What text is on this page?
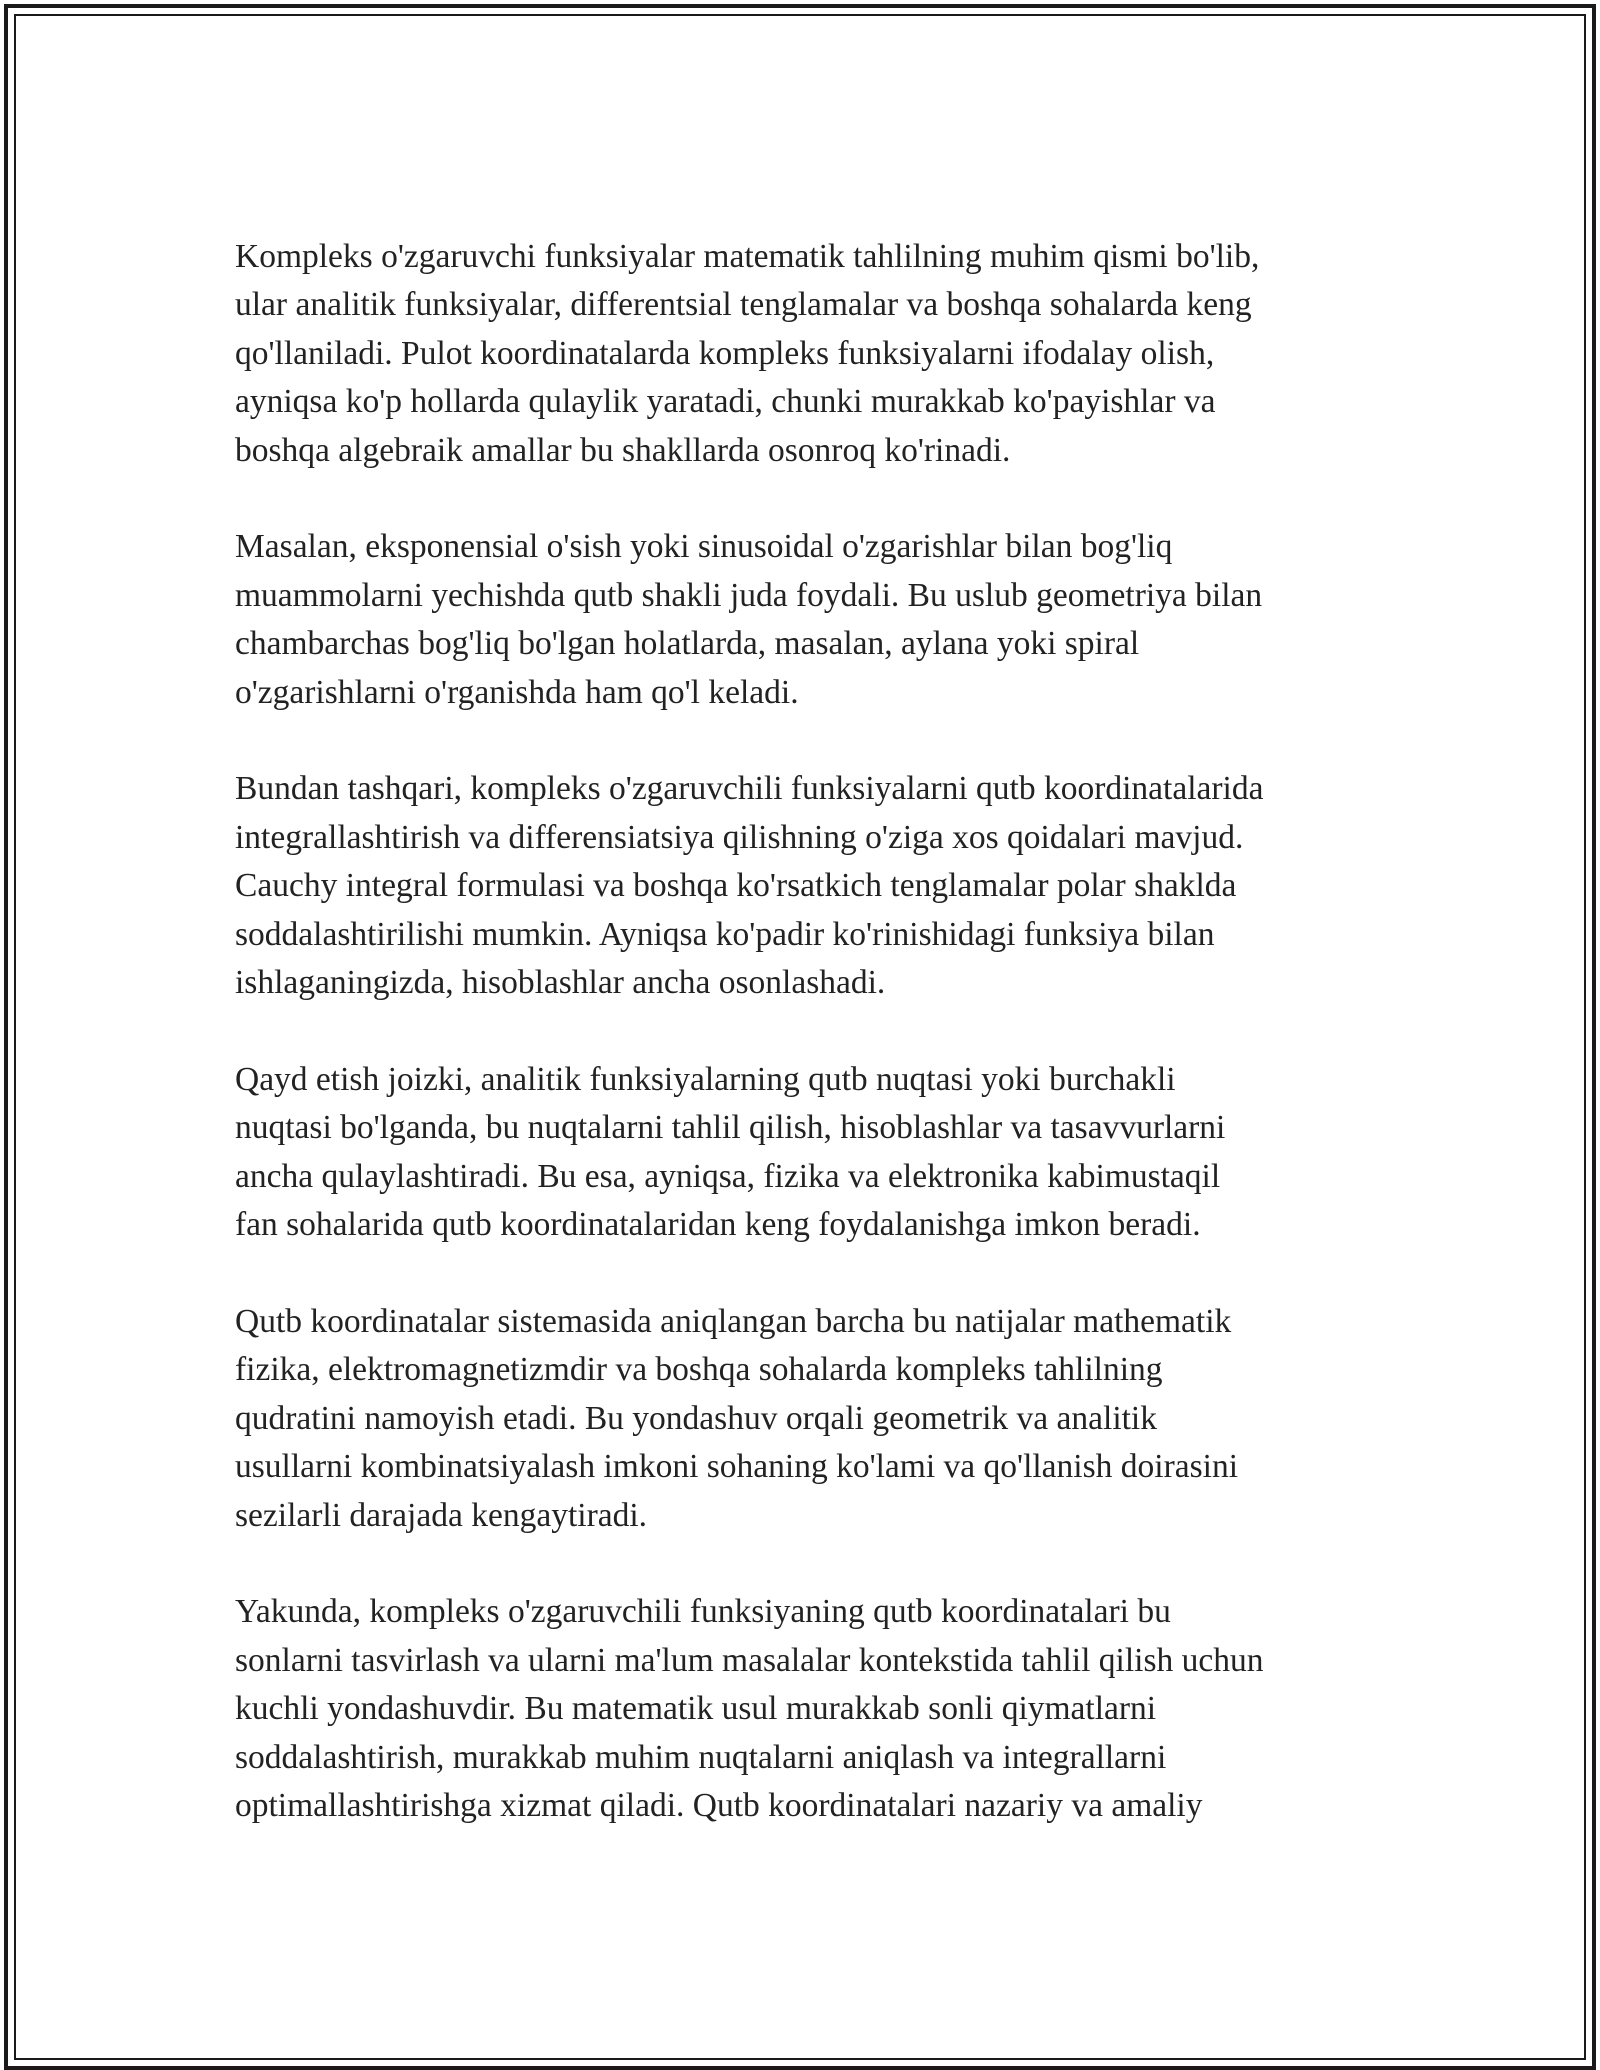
Kompleks o'zgaruvchi funksiyalar matematik tahlilning muhim qismi bo'lib,
ular analitik funksiyalar, differentsial tenglamalar va boshqa sohalarda keng
qo'llaniladi. Pulot koordinatalarda kompleks funksiyalarni ifodalay olish,
ayniqsa ko'p hollarda qulaylik yaratadi, chunki murakkab ko'payishlar va
boshqa algebraik amallar bu shakllarda osonroq ko'rinadi.

Masalan, eksponensial o'sish yoki sinusoidal o'zgarishlar bilan bog'liq
muammolarni yechishda qutb shakli juda foydali. Bu uslub geometriya bilan
chambarchas bog'liq bo'lgan holatlarda, masalan, aylana yoki spiral
o'zgarishlarni o'rganishda ham qo'l keladi.

Bundan tashqari, kompleks o'zgaruvchili funksiyalarni qutb koordinatalarida
integrallashtirish va differensiatsiya qilishning o'ziga xos qoidalari mavjud.
Cauchy integral formulasi va boshqa ko'rsatkich tenglamalar polar shaklda
soddalashtirilishi mumkin. Ayniqsa ko'padir ko'rinishidagi funksiya bilan
ishlaganingizda, hisoblashlar ancha osonlashadi.

Qayd etish joizki, analitik funksiyalarning qutb nuqtasi yoki burchakli
nuqtasi bo'lganda, bu nuqtalarni tahlil qilish, hisoblashlar va tasavvurlarni
ancha qulaylashtiradi. Bu esa, ayniqsa, fizika va elektronika kabimustaqil
fan sohalarida qutb koordinatalaridan keng foydalanishga imkon beradi.

Qutb koordinatalar sistemasida aniqlangan barcha bu natijalar mathematik
fizika, elektromagnetizmdir va boshqa sohalarda kompleks tahlilning
qudratini namoyish etadi. Bu yondashuv orqali geometrik va analitik
usullarni kombinatsiyalash imkoni sohaning ko'lami va qo'llanish doirasini
sezilarli darajada kengaytiradi.

Yakunda, kompleks o'zgaruvchili funksiyaning qutb koordinatalari bu
sonlarni tasvirlash va ularni ma'lum masalalar kontekstida tahlil qilish uchun
kuchli yondashuvdir. Bu matematik usul murakkab sonli qiymatlarni
soddalashtirish, murakkab muhim nuqtalarni aniqlash va integrallarni
optimallashtirishga xizmat qiladi. Qutb koordinatalari nazariy va amaliy
